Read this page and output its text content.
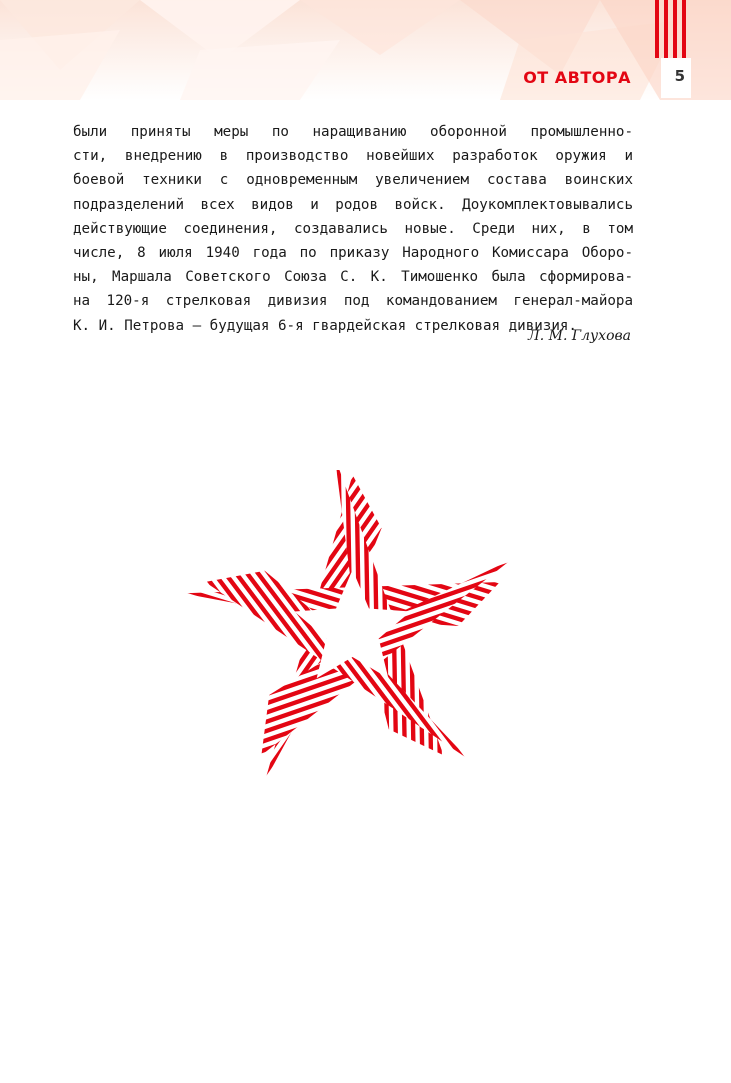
ОТ АВТОРА	5
были приняты меры по наращиванию оборонной промышленно-
сти, внедрению в производство новейших разработок оружия и
боевой техники с одновременным увеличением состава воинских
подразделений всех видов и родов войск. Доукомплектовывались
действующие соединения, создавались новые. Среди них, в том
числе, 8 июля 1940 года по приказу Народного Комиссара Оборо-
ны, Маршала Советского Союза С. К. Тимошенко была сформирова-
на 120-я стрелковая дивизия под командованием генерал-майора
К. И. Петрова — будущая 6-я гвардейская стрелковая дивизия.
Л. М. Глухова
